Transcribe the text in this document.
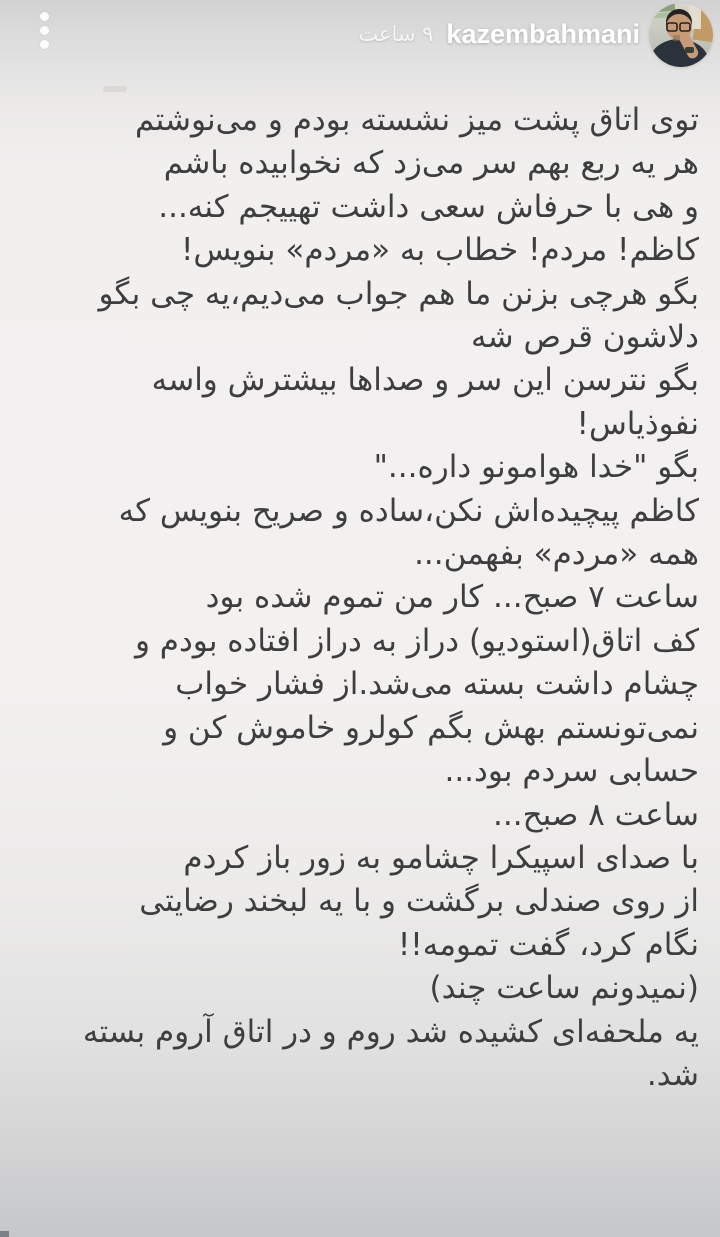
kazembahmani
۹ ساعت

توی اتاق پشت میز نشسته بودم و می‌نوشتم

هر یه ربع بهم سر می‌زد که نخوابیده باشم

و هی با حرفاش سعی داشت تهییجم کنه...

کاظم! مردم! خطاب به «مردم» بنویس!

بگو هرچی بزنن ما هم جواب می‌دیم،یه چی بگو

دلاشون قرص شه

بگو نترسن این سر و صداها بیشترش واسه

نفوذیاس!

بگو "خدا هوامونو داره..."

کاظم پیچیده‌اش نکن،ساده و صریح بنویس که

همه «مردم» بفهمن...

ساعت ۷ صبح... کار من تموم شده بود

کف اتاق(استودیو) دراز به دراز افتاده بودم و

چشام داشت بسته می‌شد.از فشار خواب

نمی‌تونستم بهش بگم کولرو خاموش کن و

حسابی سردم بود...

ساعت ۸ صبح...

با صدای اسپیکرا چشامو به زور باز کردم

از روی صندلی برگشت و با یه لبخند رضایتی

نگام کرد، گفت تمومه!!

(نمیدونم ساعت چند)

یه ملحفه‌ای کشیده شد روم و در اتاق آروم بسته

شد.
